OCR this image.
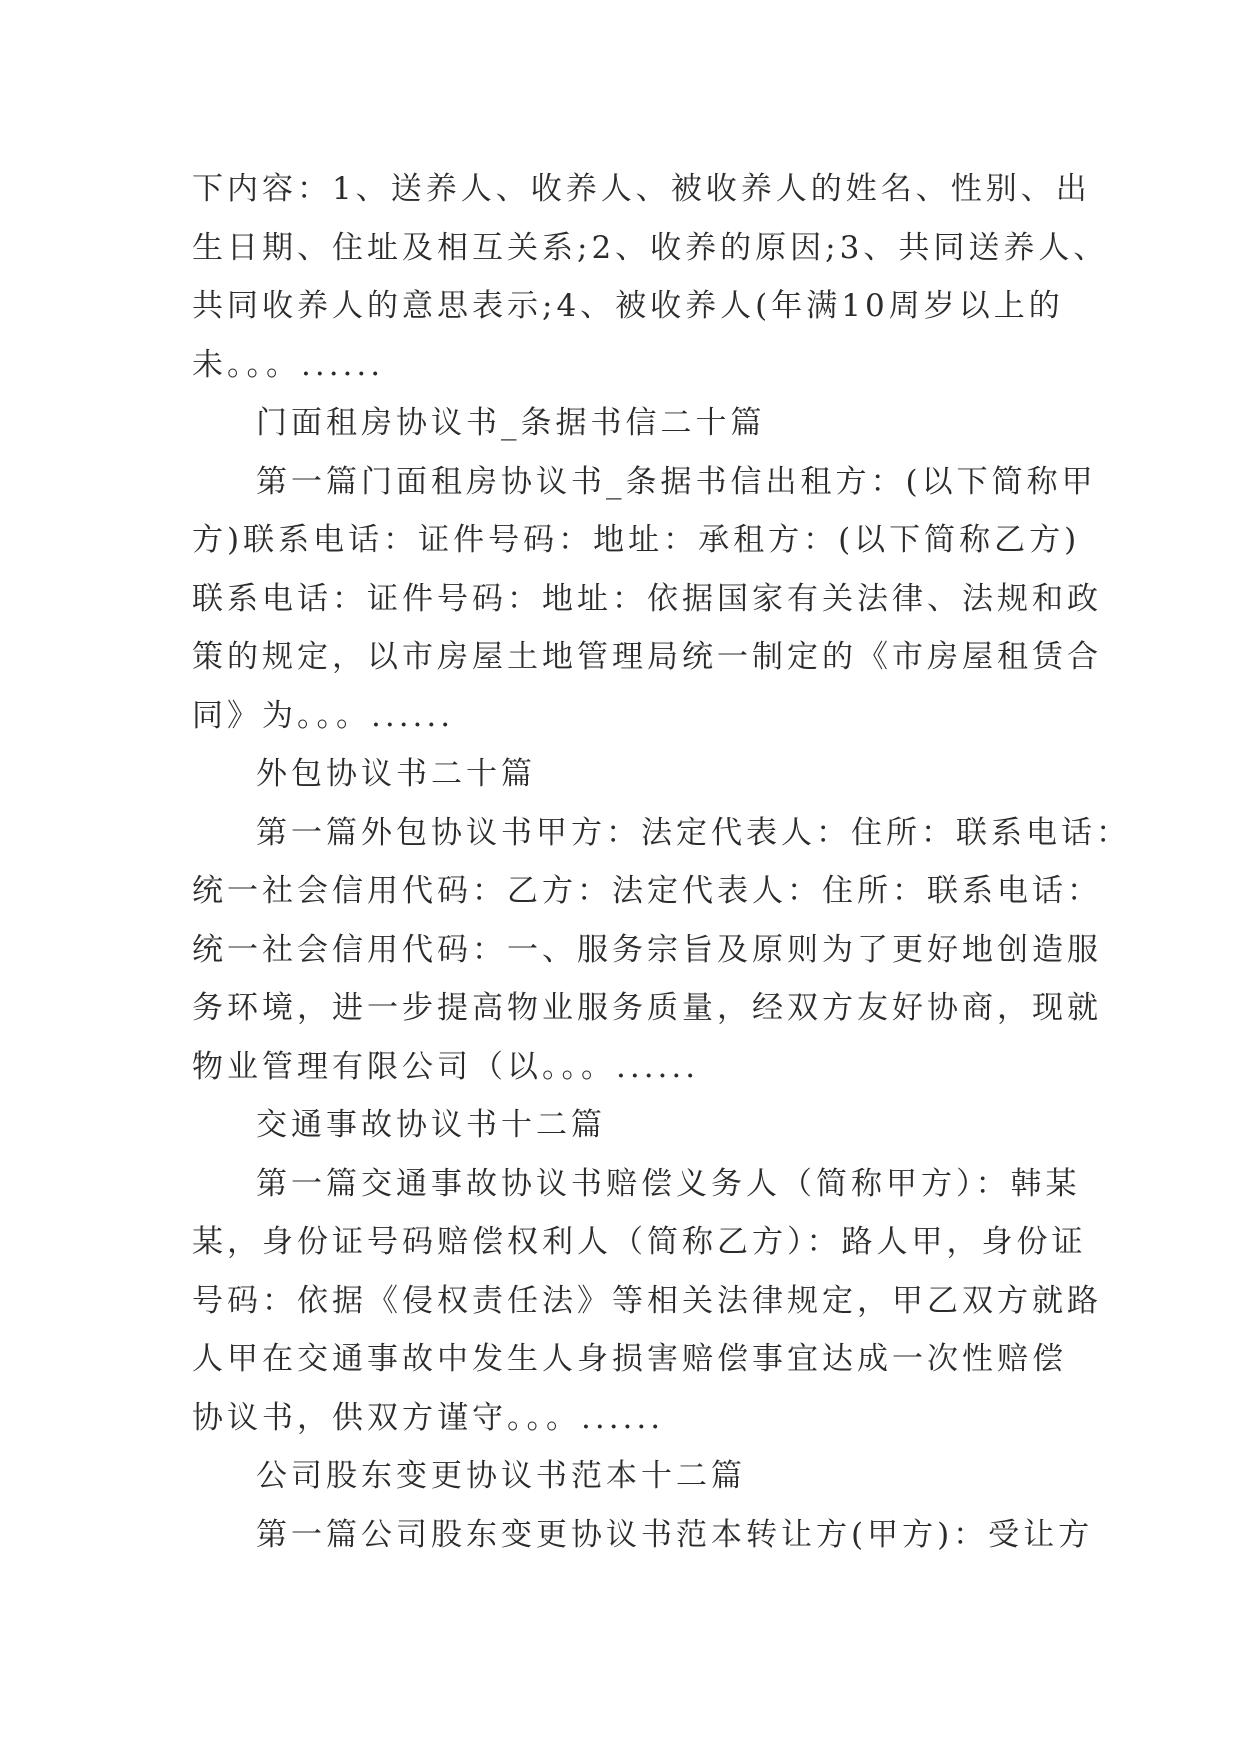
下内容：1、送养人、收养人、被收养人的姓名、性别、出
生日期、住址及相互关系;2、收养的原因;3、共同送养人、
共同收养人的意思表示;4、被收养人(年满10周岁以上的
未。。。......
门面租房协议书_条据书信二十篇
第一篇门面租房协议书_条据书信出租方：(以下简称甲
方)联系电话：证件号码：地址：承租方：(以下简称乙方)
联系电话：证件号码：地址：依据国家有关法律、法规和政
策的规定，以市房屋土地管理局统一制定的《市房屋租赁合
同》为。。。......
外包协议书二十篇
第一篇外包协议书甲方：法定代表人：住所：联系电话：
统一社会信用代码：乙方：法定代表人：住所：联系电话：
统一社会信用代码：一、服务宗旨及原则为了更好地创造服
务环境，进一步提高物业服务质量，经双方友好协商，现就
物业管理有限公司（以。。。......
交通事故协议书十二篇
第一篇交通事故协议书赔偿义务人（简称甲方）：韩某
某，身份证号码赔偿权利人（简称乙方）：路人甲，身份证
号码：依据《侵权责任法》等相关法律规定，甲乙双方就路
人甲在交通事故中发生人身损害赔偿事宜达成一次性赔偿
协议书，供双方谨守。。。......
公司股东变更协议书范本十二篇
第一篇公司股东变更协议书范本转让方(甲方)：受让方
